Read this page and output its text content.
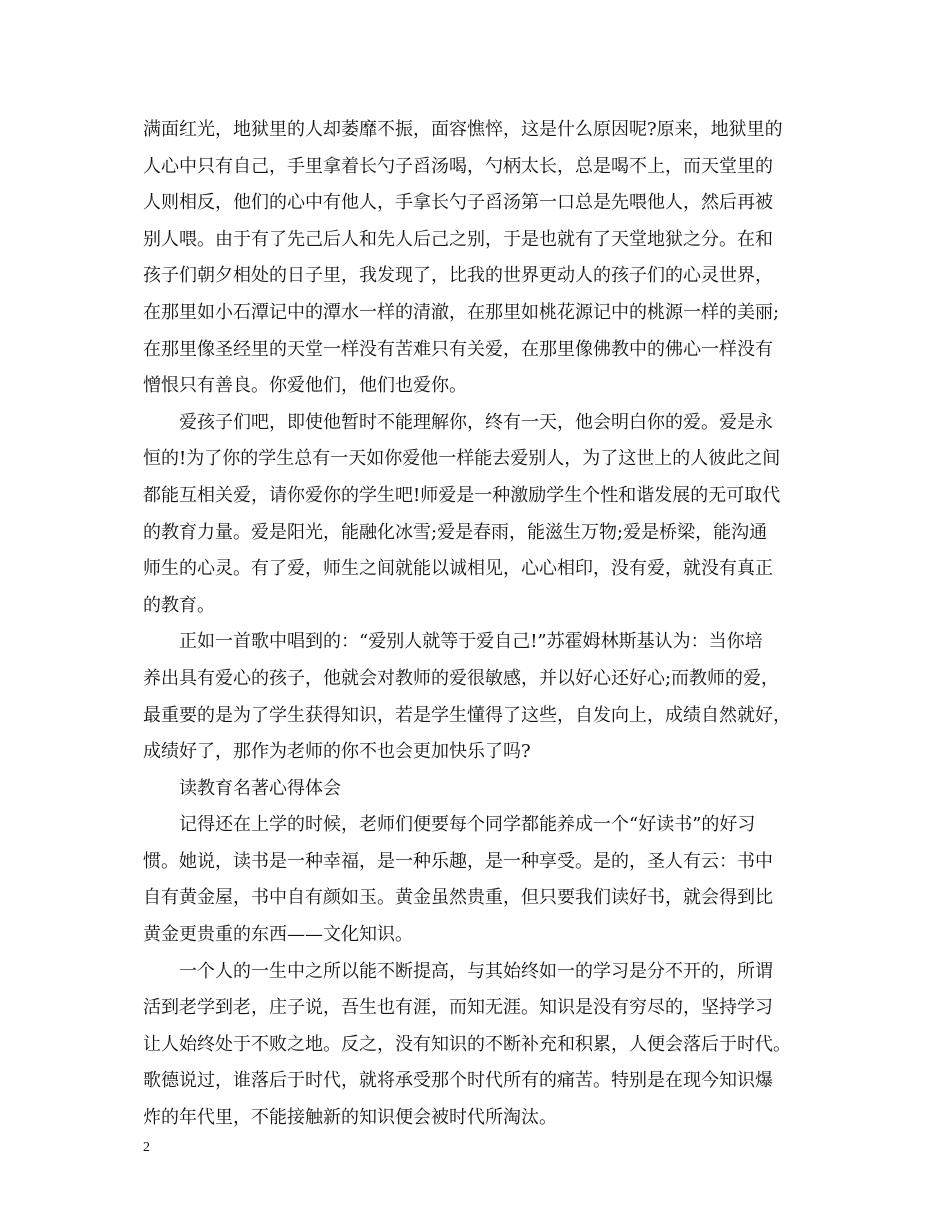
满面红光，地狱里的人却萎靡不振，面容憔悴，这是什么原因呢?原来，地狱里的
人心中只有自己，手里拿着长勺子舀汤喝，勺柄太长，总是喝不上，而天堂里的
人则相反，他们的心中有他人，手拿长勺子舀汤第一口总是先喂他人，然后再被
别人喂。由于有了先己后人和先人后己之别，于是也就有了天堂地狱之分。在和
孩子们朝夕相处的日子里，我发现了，比我的世界更动人的孩子们的心灵世界，
在那里如小石潭记中的潭水一样的清澈，在那里如桃花源记中的桃源一样的美丽;
在那里像圣经里的天堂一样没有苦难只有关爱，在那里像佛教中的佛心一样没有
憎恨只有善良。你爱他们，他们也爱你。
爱孩子们吧，即使他暂时不能理解你，终有一天，他会明白你的爱。爱是永
恒的!为了你的学生总有一天如你爱他一样能去爱别人，为了这世上的人彼此之间
都能互相关爱，请你爱你的学生吧!师爱是一种激励学生个性和谐发展的无可取代
的教育力量。爱是阳光，能融化冰雪;爱是春雨，能滋生万物;爱是桥梁，能沟通
师生的心灵。有了爱，师生之间就能以诚相见，心心相印，没有爱，就没有真正
的教育。
正如一首歌中唱到的：“爱别人就等于爱自己!”苏霍姆林斯基认为：当你培
养出具有爱心的孩子，他就会对教师的爱很敏感，并以好心还好心;而教师的爱，
最重要的是为了学生获得知识，若是学生懂得了这些，自发向上，成绩自然就好，
成绩好了，那作为老师的你不也会更加快乐了吗?
读教育名著心得体会
记得还在上学的时候，老师们便要每个同学都能养成一个“好读书”的好习
惯。她说，读书是一种幸福，是一种乐趣，是一种享受。是的，圣人有云：书中
自有黄金屋，书中自有颜如玉。黄金虽然贵重，但只要我们读好书，就会得到比
黄金更贵重的东西——文化知识。
一个人的一生中之所以能不断提高，与其始终如一的学习是分不开的，所谓
活到老学到老，庄子说，吾生也有涯，而知无涯。知识是没有穷尽的，坚持学习
让人始终处于不败之地。反之，没有知识的不断补充和积累，人便会落后于时代。
歌德说过，谁落后于时代，就将承受那个时代所有的痛苦。特别是在现今知识爆
炸的年代里，不能接触新的知识便会被时代所淘汰。
2
